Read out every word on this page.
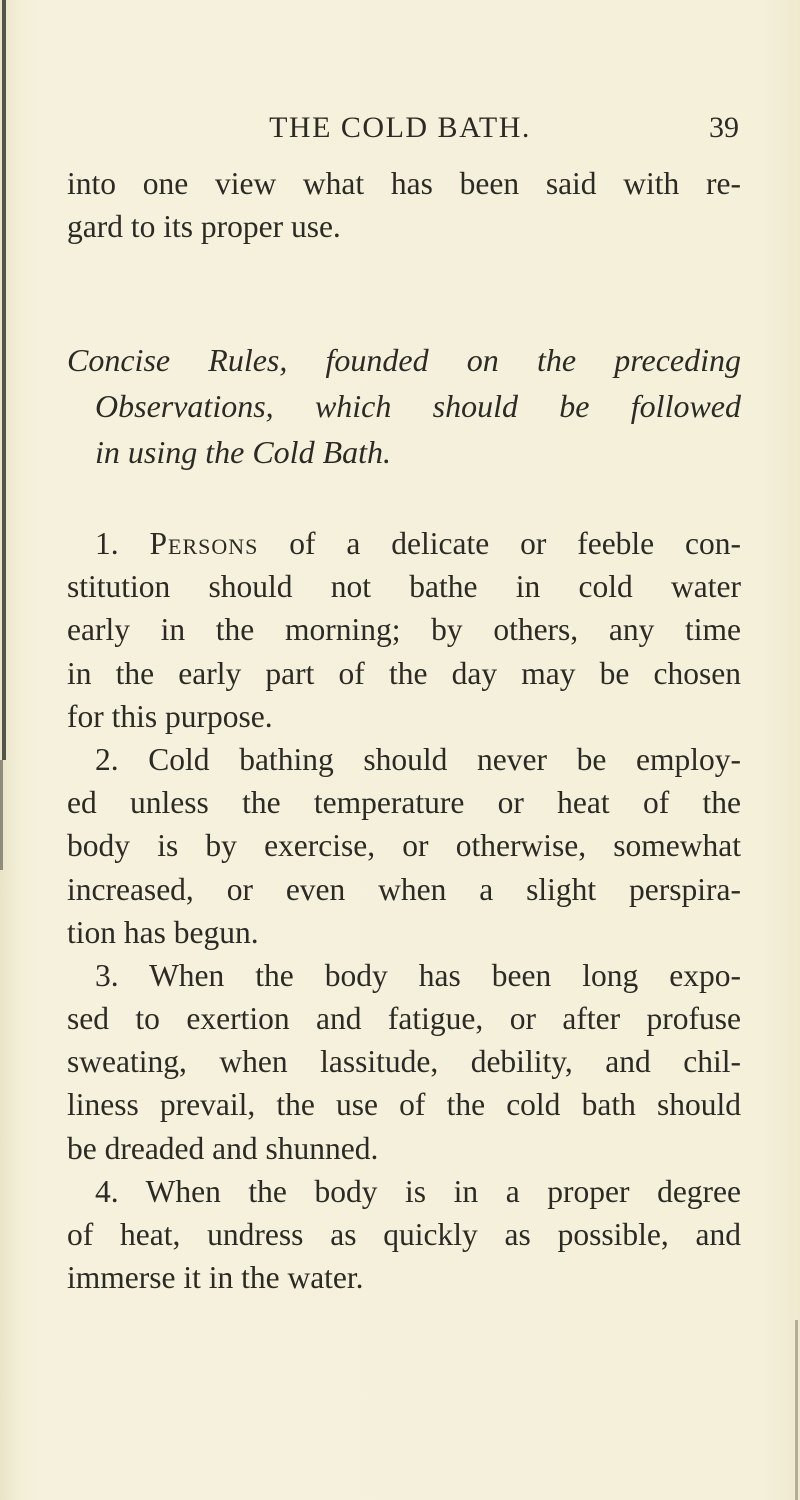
THE COLD BATH.	39
into one view what has been said with re-
gard to its proper use.
Concise Rules, founded on the preceding
Observations, which should be followed
in using the Cold Bath.
1. Persons of a delicate or feeble con-
stitution should not bathe in cold water
early in the morning; by others, any time
in the early part of the day may be chosen
for this purpose.
2. Cold bathing should never be employ-
ed unless the temperature or heat of the
body is by exercise, or otherwise, somewhat
increased, or even when a slight perspira-
tion has begun.
3. When the body has been long expo-
sed to exertion and fatigue, or after profuse
sweating, when lassitude, debility, and chil-
liness prevail, the use of the cold bath should
be dreaded and shunned.
4. When the body is in a proper degree
of heat, undress as quickly as possible, and
immerse it in the water.
